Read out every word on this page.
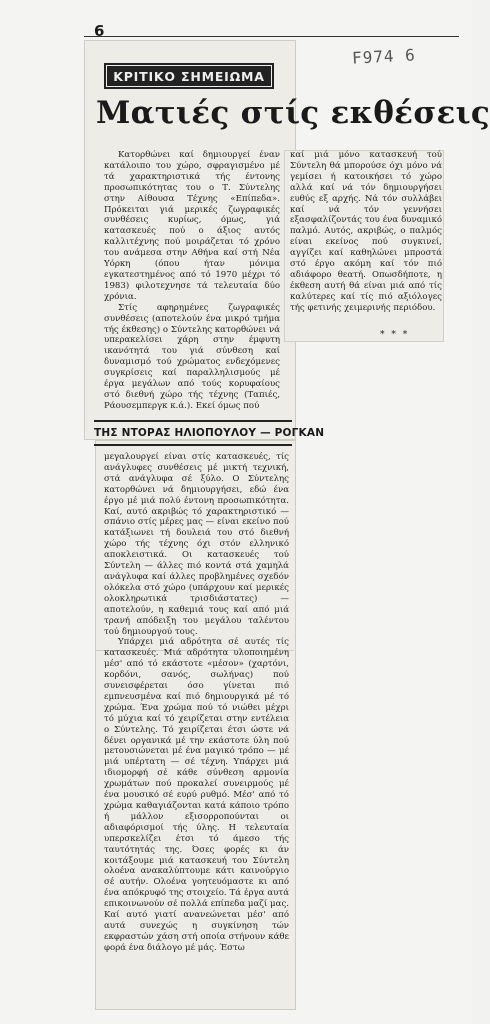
6
F974 6
ΚΡΙΤΙΚΟ ΣΗΜΕΙΩΜΑ
Ματιές στίς εκθέσεις

Κατορθώνει καί δημιουργεί έναν κατάλοιπο του χώρο, σφραγισμένο μέ τά χαρακτηριστικά τής έντονης προσωπικότητας του ο Τ. Σύντελης στην Αίθουσα Τέχνης «Επίπεδα». Πρόκειται γιά μερικές ζωγραφικές συνθέσεις κυρίως, όμως, γιά κατασκευές πού ο άξιος αυτός καλλιτέχνης πού μοιράζεται τό χρόνο του ανάμεσα στην Αθήνα καί στή Νέα Υόρκη (όπου ήταν μόνιμα εγκατεστημένος από τό 1970 μέχρι τό 1983) φιλοτεχνησε τά τελευταία δύο χρόνια.

Στίς αφηρημένες ζωγραφικές συνθέσεις (αποτελούν ένα μικρό τμήμα τής έκθεσης) ο Σύντελης κατορθώνει νά υπερακελίσει χάρη στην έμφυτη ικανότητά του γιά σύνθεση καί δυναμισμό τού χρώματος ενδεχόμενες συγκρίσεις καί παραλληλισμούς μέ έργα μεγάλων από τούς κορυφαίους στό διεθνή χώρο τής τέχνης (Ταπιές, Ράουσεμπεργκ κ.ά.). Εκεί όμως πού

καί μιά μόνο κατασκευή τού Σύντελη θά μπορούσε όχι μόνο νά γεμίσει ή κατοικήσει τό χώρο αλλά καί νά τόν δημιουργήσει ευθύς εξ αρχής. Νά τόν συλλάβει καί νά τόν γεννήσει εξασφαλίζοντάς του ένα δυναμικό παλμό. Αυτός, ακριβώς, ο παλμός είναι εκείνος πού συγκινεί, αγγίζει καί καθηλώνει μπροστά στό έργο ακόμη καί τόν πιό αδιάφορο θεατή. Οπωσδήποτε, η έκθεση αυτή θά είναι μιά από τίς καλύτερες καί τίς πιό αξιόλογες τής φετινής χειμερινής περιόδου.

* * *
ΤΗΣ ΝΤΟΡΑΣ ΗΛΙΟΠΟΥΛΟΥ — ΡΟΓΚΑΝ

μεγαλουργεί είναι στίς κατασκευές, τίς ανάγλυφες συνθέσεις μέ μικτή τεχνική, στά ανάγλυφα σέ ξύλο. Ο Σύντελης κατορθώνει νά δημιουργήσει, εδώ ένα έργο μέ μιά πολύ έντονη προσωπικότητα. Καί, αυτό ακριβώς τό χαρακτηριστικό — σπάνιο στίς μέρες μας — είναι εκείνο πού κατάξιωνει τή δουλειά του στό διεθνή χώρο τής τέχνης όχι στόν ελληνικό αποκλειστικά. Οι κατασκευές τού Σύντελη — άλλες πιό κοντά στά χαμηλά ανάγλυφα καί άλλες προβλημένες σχεδόν ολόκελα στό χώρο (υπάρχουν καί μερικές ολοκληρωτικά τρισδιάστατες) — αποτελούν, η καθεμιά τους καί από μιά τρανή απόδειξη του μεγάλου ταλέντου τού δημιουργού τους.

Υπάρχει μιά αδρότητα σέ αυτές τίς κατασκευές. Μιά αδρότητα υλοποιημένη μέσ' από τό εκάστοτε «μέσον» (χαρτόνι, κορδόνι, σανός, σωλήνας) πού συνεισφέρεται όσο γίνεται πιό εμπνευσμένα καί πιό δημιουργικά μέ τό χρώμα. Ένα χρώμα πού τό νιώθει μέχρι τό μύχια καί τό χειρίζεται στην εντέλεια ο Σύντελης. Τό χειρίζεται έτσι ώστε νά δένει οργανικά μέ την εκάστοτε ύλη πού μετουσιώνεται μέ ένα μαγικό τρόπο — μέ μιά υπέρτατη — σέ τέχνη. Υπάρχει μιά ιδιομορφή σέ κάθε σύνθεση αρμονία χρωμάτων πού προκαλεί συνειρμούς μέ ένα μουσικό σέ ευρύ ρυθμό. Μέσ' από τό χρώμα καθαγιάζονται κατά κάποιο τρόπο ή μάλλον εξισορροπούνται οι αδιαφόρισμοί τής ύλης. Η τελευταία υπερσκελίζει έτσι τό άμεσο τής ταυτότητάς της. Όσες φορές κι άν κοιτάξουμε μιά κατασκευή του Σύντελη ολοένα ανακαλύπτουμε κάτι καινούργιο σέ αυτήν. Ολοένα γοητευόμαστε κι από ένα απόκρυφό της στοιχείο. Τά έργα αυτά επικοινωνούν σέ πολλά επίπεδα μαζί μας. Καί αυτό γιατί ανανεώνεται μέσ' από αυτά συνεχώς η συγκίνηση τών εκφραστών χάση στή οποία στήνουν κάθε φορά ένα διάλογο μέ μάς. Έστω
